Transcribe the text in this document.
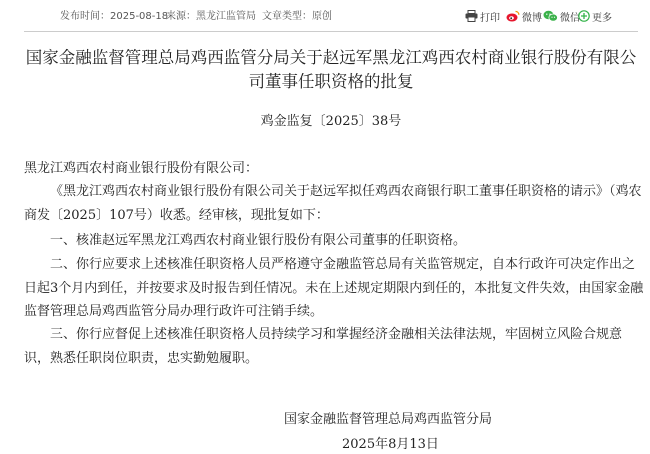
发布时间：2025-08-18
来源：黑龙江监管局 文章类型：原创	打印 微博 微信 更多
国家金融监督管理总局鸡西监管分局关于赵远军黑龙江鸡西农村商业银行股份有限公司董事任职资格的批复
鸡金监复〔2025〕38号

黑龙江鸡西农村商业银行股份有限公司：

《黑龙江鸡西农村商业银行股份有限公司关于赵远军拟任鸡西农商银行职工董事任职资格的请示》（鸡农商发〔2025〕107号）收悉。经审核，现批复如下：

一、核准赵远军黑龙江鸡西农村商业银行股份有限公司董事的任职资格。

二、你行应要求上述核准任职资格人员严格遵守金融监管总局有关监管规定，自本行政许可决定作出之日起3个月内到任，并按要求及时报告到任情况。未在上述规定期限内到任的，本批复文件失效，由国家金融监督管理总局鸡西监管分局办理行政许可注销手续。

三、你行应督促上述核准任职资格人员持续学习和掌握经济金融相关法律法规，牢固树立风险合规意识，熟悉任职岗位职责，忠实勤勉履职。

国家金融监督管理总局鸡西监管分局
2025年8月13日
